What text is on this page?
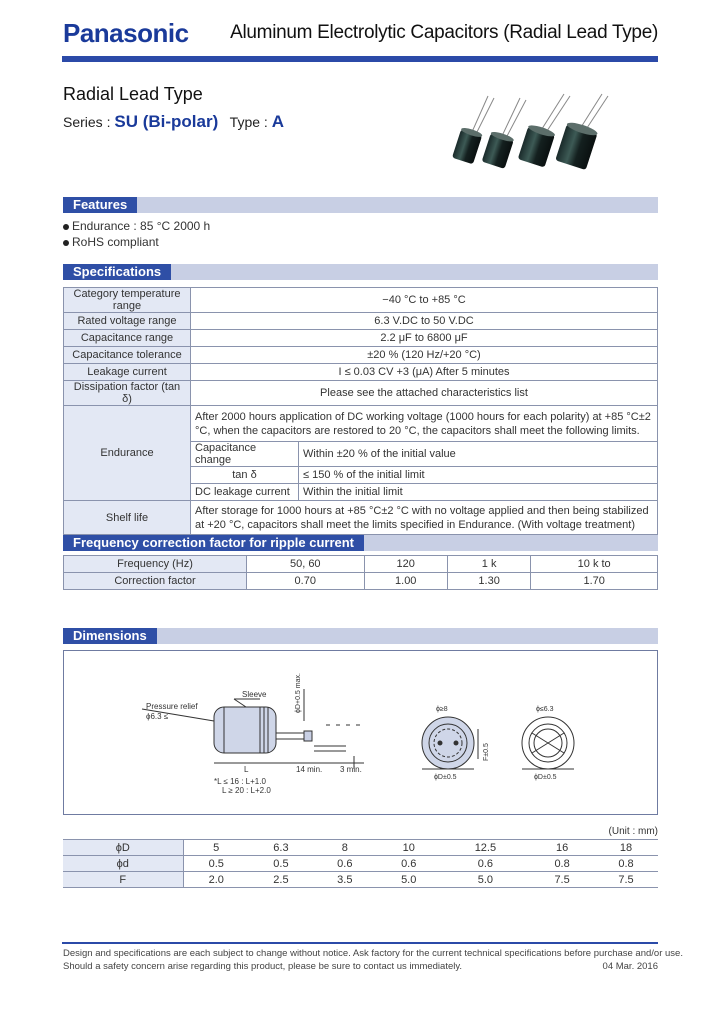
Panasonic Aluminum Electrolytic Capacitors (Radial Lead Type)
Radial Lead Type
Series : SU (Bi-polar) Type : A
Features
Endurance : 85 °C 2000 h
RoHS compliant
Specifications
Category temperature range	−40 °C to +85 °C	
Rated voltage range	6.3 V.DC to 50 V.DC	
Capacitance range	2.2 μF to 6800 μF	
Capacitance tolerance	±20 % (120 Hz/+20 °C)	
Leakage current	I ≤ 0.03 CV +3 (μA) After 5 minutes	
Dissipation factor (tan δ)	Please see the attached characteristics list	
Endurance	After 2000 hours application of DC working voltage (1000 hours for each polarity) at +85 °C±2 °C, when the capacitors are restored to 20 °C, the capacitors shall meet the following limits.	
	Capacitance change	Within ±20 % of the initial value
	tan δ	≤ 150 % of the initial limit
	DC leakage current	Within the initial limit
Shelf life	After storage for 1000 hours at +85 °C±2 °C with no voltage applied and then being stabilized at +20 °C, capacitors shall meet the limits specified in Endurance. (With voltage treatment)	
Frequency correction factor for ripple current
Frequency (Hz)	50, 60	120	1 k	10 k to
Correction factor	0.70	1.00	1.30	1.70
Dimensions
Sleeve
Pressure relief
ϕ6.3 ≤
ϕD+0.5 max.
L	14 min. 3 min.
*L ≤ 16 : L+1.0
L ≥ 20 : L+2.0
ϕ≥8
ϕD±0.5
F±0.5
ϕ≤6.3
ϕD±0.5
(Unit : mm)
ϕD	5	6.3	8	10	12.5	16	18
ϕd	0.5	0.5	0.6	0.6	0.6	0.8	0.8
F	2.0	2.5	3.5	5.0	5.0	7.5	7.5
Design and specifications are each subject to change without notice. Ask factory for the current technical specifications before purchase and/or use.
Should a safety concern arise regarding this product, please be sure to contact us immediately.	04 Mar. 2016
